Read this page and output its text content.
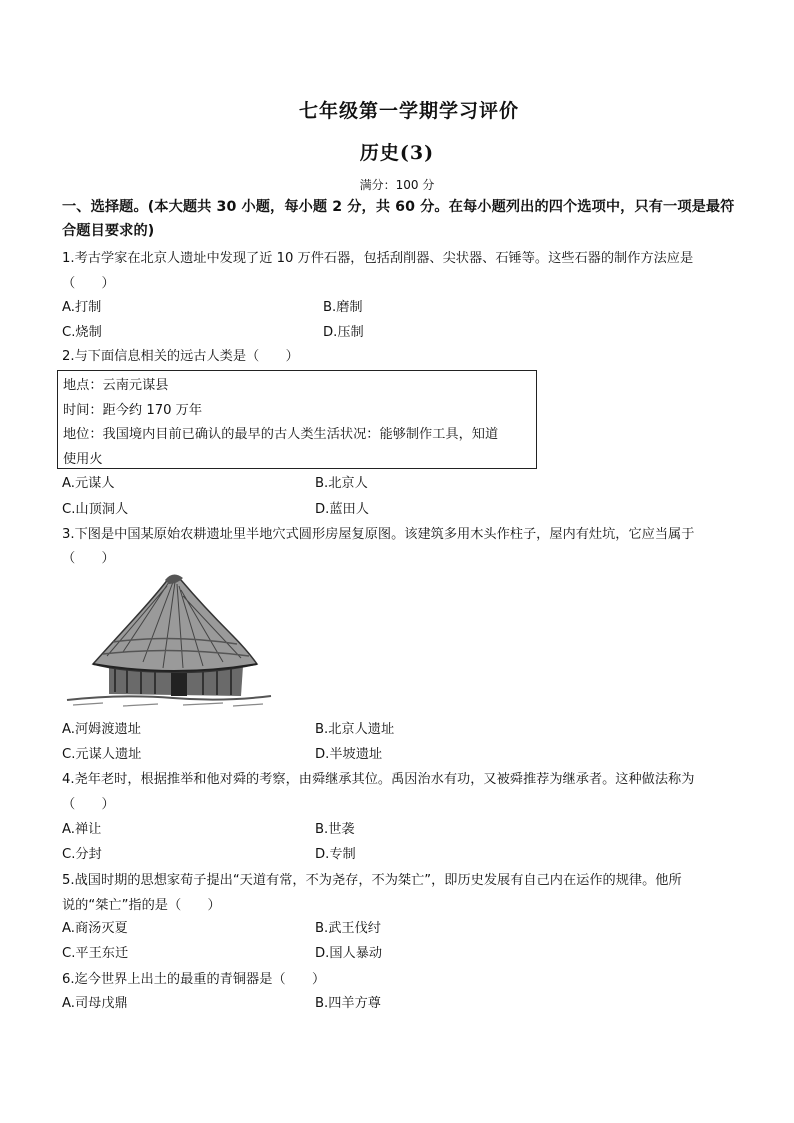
七年级第一学期学习评价
历史(3)
满分：100 分
一、选择题。(本大题共 30 小题，每小题 2 分，共 60 分。在每小题列出的四个选项中，只有一项是最符合题目要求的)
1.考古学家在北京人遗址中发现了近 10 万件石器，包括刮削器、尖状器、石锤等。这些石器的制作方法应是
（　　）
A.打制	B.磨制
C.烧制	D.压制
2.与下面信息相关的远古人类是（　　）
地点：云南元谋县
时间：距今约 170 万年
地位：我国境内目前已确认的最早的古人类生活状况：能够制作工具，知道
使用火
A.元谋人	B.北京人
C.山顶洞人	D.蓝田人
3.下图是中国某原始农耕遗址里半地穴式圆形房屋复原图。该建筑多用木头作柱子，屋内有灶坑，它应当属于
（　　）
A.河姆渡遗址	B.北京人遗址
C.元谋人遗址	D.半坡遗址
4.尧年老时，根据推举和他对舜的考察，由舜继承其位。禹因治水有功，又被舜推荐为继承者。这种做法称为
（　　）
A.禅让	B.世袭
C.分封	D.专制
5.战国时期的思想家荀子提出“天道有常，不为尧存，不为桀亡”，即历史发展有自己内在运作的规律。他所
说的“桀亡”指的是（　　）
A.商汤灭夏	B.武王伐纣
C.平王东迁	D.国人暴动
6.迄今世界上出土的最重的青铜器是（　　）
A.司母戊鼎	B.四羊方尊
